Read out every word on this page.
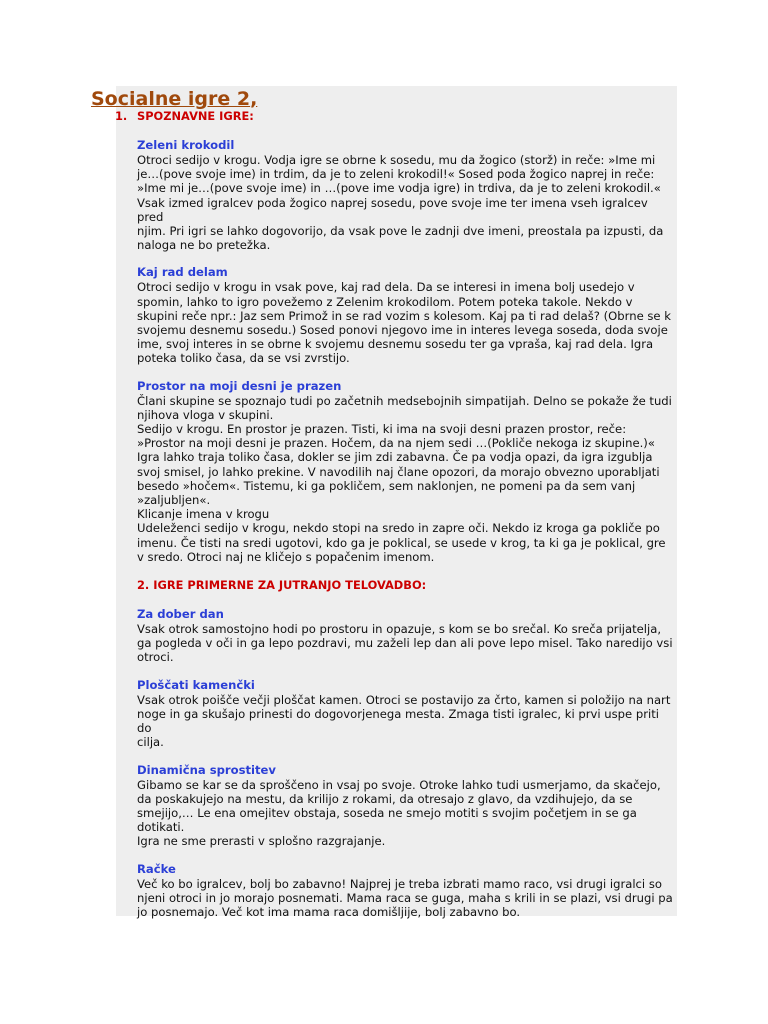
Socialne igre 2,
1. SPOZNAVNE IGRE:
Zeleni krokodil

Otroci sedijo v krogu. Vodja igre se obrne k sosedu, mu da žogico (storž) in reče: »Ime mi
je…(pove svoje ime) in trdim, da je to zeleni krokodil!« Sosed poda žogico naprej in reče:
»Ime mi je…(pove svoje ime) in …(pove ime vodja igre) in trdiva, da je to zeleni krokodil.«
Vsak izmed igralcev poda žogico naprej sosedu, pove svoje ime ter imena vseh igralcev pred
njim. Pri igri se lahko dogovorijo, da vsak pove le zadnji dve imeni, preostala pa izpusti, da
naloga ne bo pretežka.

Kaj rad delam

Otroci sedijo v krogu in vsak pove, kaj rad dela. Da se interesi in imena bolj usedejo v
spomin, lahko to igro povežemo z Zelenim krokodilom. Potem poteka takole. Nekdo v
skupini reče npr.: Jaz sem Primož in se rad vozim s kolesom. Kaj pa ti rad delaš? (Obrne se k
svojemu desnemu sosedu.) Sosed ponovi njegovo ime in interes levega soseda, doda svoje
ime, svoj interes in se obrne k svojemu desnemu sosedu ter ga vpraša, kaj rad dela. Igra
poteka toliko časa, da se vsi zvrstijo.

Prostor na moji desni je prazen

Člani skupine se spoznajo tudi po začetnih medsebojnih simpatijah. Delno se pokaže že tudi
njihova vloga v skupini.
Sedijo v krogu. En prostor je prazen. Tisti, ki ima na svoji desni prazen prostor, reče:
»Prostor na moji desni je prazen. Hočem, da na njem sedi …(Pokliče nekoga iz skupine.)«
Igra lahko traja toliko časa, dokler se jim zdi zabavna. Če pa vodja opazi, da igra izgublja
svoj smisel, jo lahko prekine. V navodilih naj člane opozori, da morajo obvezno uporabljati
besedo »hočem«. Tistemu, ki ga pokličem, sem naklonjen, ne pomeni pa da sem vanj
»zaljubljen«.
Klicanje imena v krogu
Udeleženci sedijo v krogu, nekdo stopi na sredo in zapre oči. Nekdo iz kroga ga pokliče po
imenu. Če tisti na sredi ugotovi, kdo ga je poklical, se usede v krog, ta ki ga je poklical, gre
v sredo. Otroci naj ne kličejo s popačenim imenom.

2. IGRE PRIMERNE ZA JUTRANJO TELOVADBO:
Za dober dan

Vsak otrok samostojno hodi po prostoru in opazuje, s kom se bo srečal. Ko sreča prijatelja,
ga pogleda v oči in ga lepo pozdravi, mu zaželi lep dan ali pove lepo misel. Tako naredijo vsi
otroci.

Ploščati kamenčki

Vsak otrok poišče večji ploščat kamen. Otroci se postavijo za črto, kamen si položijo na nart
noge in ga skušajo prinesti do dogovorjenega mesta. Zmaga tisti igralec, ki prvi uspe priti do
cilja.

Dinamična sprostitev

Gibamo se kar se da sproščeno in vsaj po svoje. Otroke lahko tudi usmerjamo, da skačejo,
da poskakujejo na mestu, da krilijo z rokami, da otresajo z glavo, da vzdihujejo, da se
smejijo,… Le ena omejitev obstaja, soseda ne smejo motiti s svojim početjem in se ga
dotikati.
Igra ne sme prerasti v splošno razgrajanje.

Račke

Več ko bo igralcev, bolj bo zabavno! Najprej je treba izbrati mamo raco, vsi drugi igralci so
njeni otroci in jo morajo posnemati. Mama raca se guga, maha s krili in se plazi, vsi drugi pa
jo posnemajo. Več kot ima mama raca domišljije, bolj zabavno bo.
